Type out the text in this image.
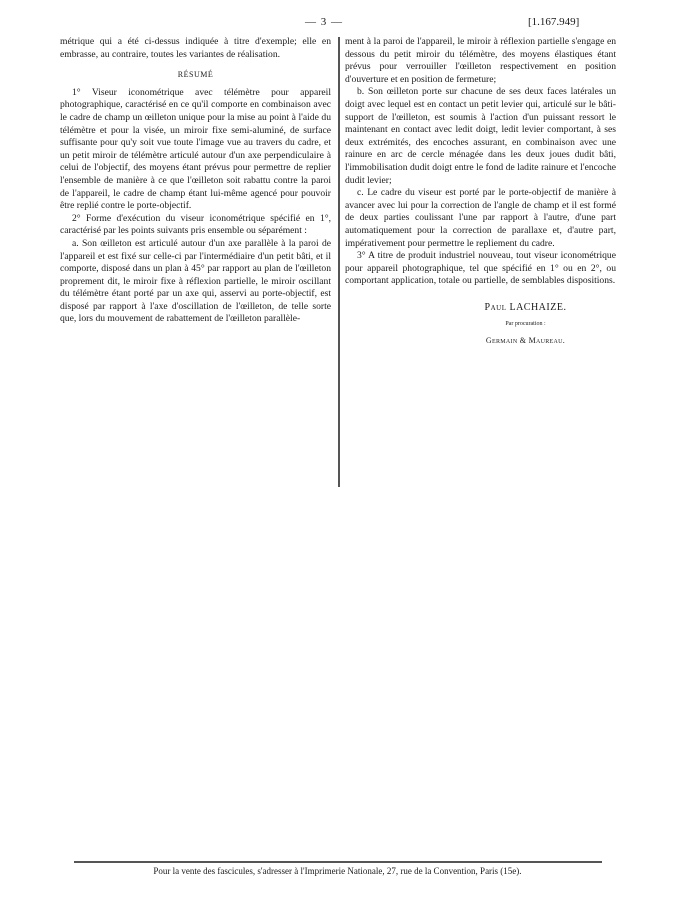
— 3 —	[1.167.949]

métrique qui a été ci-dessus indiquée à titre d'exemple; elle en embrasse, au contraire, toutes les variantes de réalisation.

RÉSUMÉ

1° Viseur iconométrique avec télémètre pour appareil photographique, caractérisé en ce qu'il comporte en combinaison avec le cadre de champ un œilleton unique pour la mise au point à l'aide du télémètre et pour la visée, un miroir fixe semi-aluminé, de surface suffisante pour qu'y soit vue toute l'image vue au travers du cadre, et un petit miroir de télémètre articulé autour d'un axe perpendiculaire à celui de l'objectif, des moyens étant prévus pour permettre de replier l'ensemble de manière à ce que l'œilleton soit rabattu contre la paroi de l'appareil, le cadre de champ étant lui-même agencé pour pouvoir être replié contre le porte-objectif.

2° Forme d'exécution du viseur iconométrique spécifié en 1°, caractérisé par les points suivants pris ensemble ou séparément :

a. Son œilleton est articulé autour d'un axe parallèle à la paroi de l'appareil et est fixé sur celle-ci par l'intermédiaire d'un petit bâti, et il comporte, disposé dans un plan à 45° par rapport au plan de l'œilleton proprement dit, le miroir fixe à réflexion partielle, le miroir oscillant du télémètre étant porté par un axe qui, asservi au porte-objectif, est disposé par rapport à l'axe d'oscillation de l'œilleton, de telle sorte que, lors du mouvement de rabattement de l'œilleton parallèle-

ment à la paroi de l'appareil, le miroir à réflexion partielle s'engage en dessous du petit miroir du télémètre, des moyens élastiques étant prévus pour verrouiller l'œilleton respectivement en position d'ouverture et en position de fermeture;

b. Son œilleton porte sur chacune de ses deux faces latérales un doigt avec lequel est en contact un petit levier qui, articulé sur le bâti-support de l'œilleton, est soumis à l'action d'un puissant ressort le maintenant en contact avec ledit doigt, ledit levier comportant, à ses deux extrémités, des encoches assurant, en combinaison avec une rainure en arc de cercle ménagée dans les deux joues dudit bâti, l'immobilisation dudit doigt entre le fond de ladite rainure et l'encoche dudit levier;

c. Le cadre du viseur est porté par le porte-objectif de manière à avancer avec lui pour la correction de l'angle de champ et il est formé de deux parties coulissant l'une par rapport à l'autre, d'une part automatiquement pour la correction de parallaxe et, d'autre part, impérativement pour permettre le repliement du cadre.

3° A titre de produit industriel nouveau, tout viseur iconométrique pour appareil photographique, tel que spécifié en 1° ou en 2°, ou comportant application, totale ou partielle, de semblables dispositions.

Paul LACHAIZE.

Par procuration :

Germain & Maureau.

Pour la vente des fascicules, s'adresser à l'Imprimerie Nationale, 27, rue de la Convention, Paris (15e).
